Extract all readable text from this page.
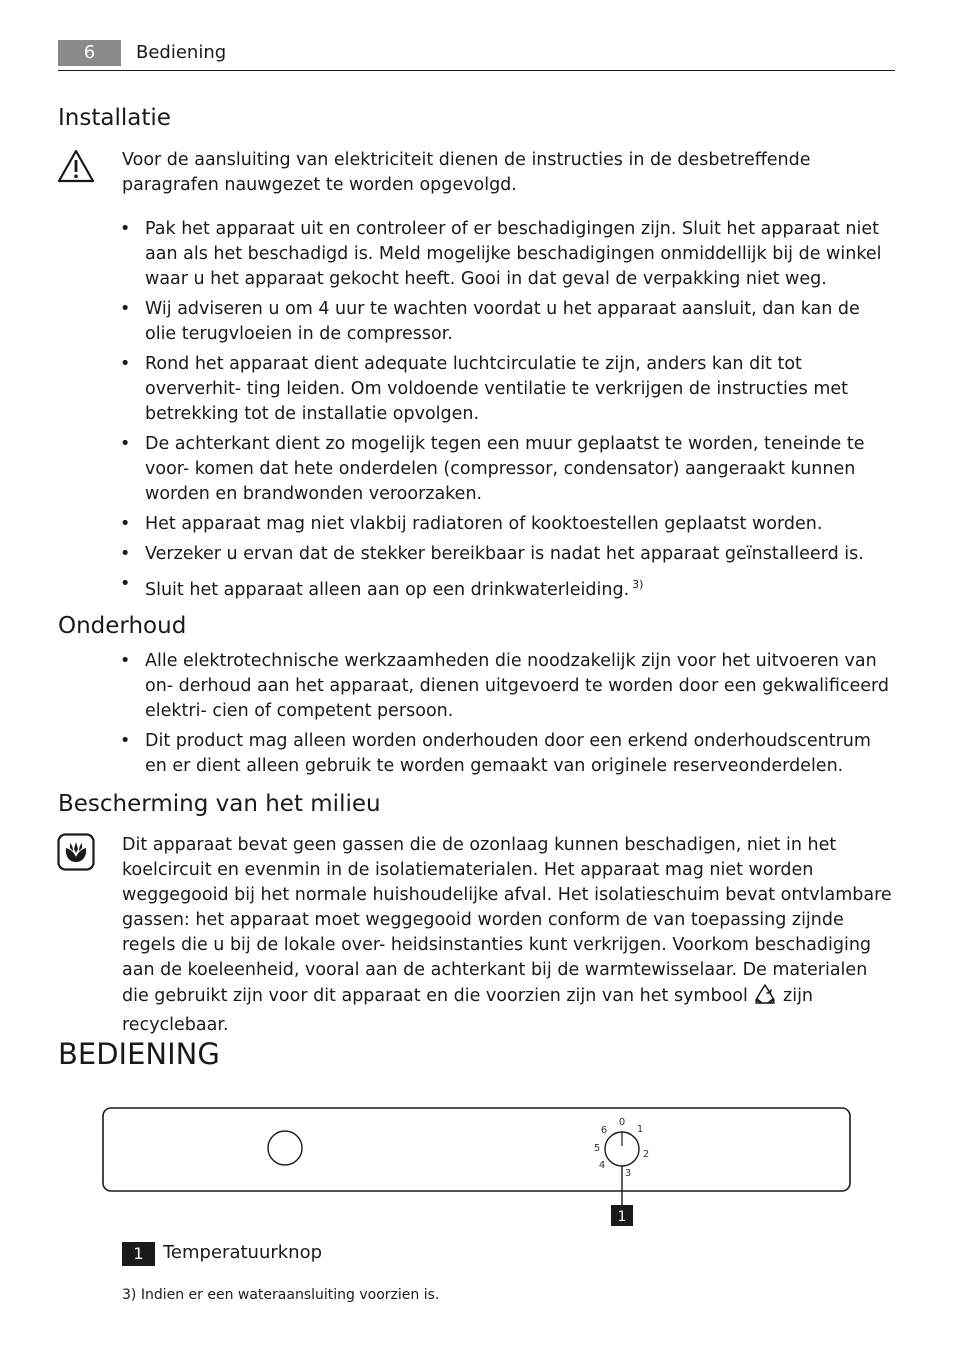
6	Bediening
Installatie

Voor de aansluiting van elektriciteit dienen de instructies in de desbetreffende paragrafen nauwgezet te worden opgevolgd.

• Pak het apparaat uit en controleer of er beschadigingen zijn. Sluit het apparaat niet aan als het beschadigd is. Meld mogelijke beschadigingen onmiddellijk bij de winkel waar u het apparaat gekocht heeft. Gooi in dat geval de verpakking niet weg.
• Wij adviseren u om 4 uur te wachten voordat u het apparaat aansluit, dan kan de olie terugvloeien in de compressor.
• Rond het apparaat dient adequate luchtcirculatie te zijn, anders kan dit tot oververhit- ting leiden. Om voldoende ventilatie te verkrijgen de instructies met betrekking tot de installatie opvolgen.
• De achterkant dient zo mogelijk tegen een muur geplaatst te worden, teneinde te voor- komen dat hete onderdelen (compressor, condensator) aangeraakt kunnen worden en brandwonden veroorzaken.
• Het apparaat mag niet vlakbij radiatoren of kooktoestellen geplaatst worden.
• Verzeker u ervan dat de stekker bereikbaar is nadat het apparaat geïnstalleerd is.
• Sluit het apparaat alleen aan op een drinkwaterleiding. $^{3)}$
Onderhoud
• Alle elektrotechnische werkzaamheden die noodzakelijk zijn voor het uitvoeren van on- derhoud aan het apparaat, dienen uitgevoerd te worden door een gekwalificeerd elektri- cien of competent persoon.
• Dit product mag alleen worden onderhouden door een erkend onderhoudscentrum en er dient alleen gebruik te worden gemaakt van originele reserveonderdelen.
Bescherming van het milieu

Dit apparaat bevat geen gassen die de ozonlaag kunnen beschadigen, niet in het koelcircuit en evenmin in de isolatiematerialen. Het apparaat mag niet worden weggegooid bij het normale huishoudelijke afval. Het isolatieschuim bevat ontvlambare gassen: het apparaat moet weggegooid worden conform de van toepassing zijnde regels die u bij de lokale over- heidsinstanties kunt verkrijgen. Voorkom beschadiging aan de koeleenheid, vooral aan de achterkant bij de warmtewisselaar. De materialen die gebruikt zijn voor dit apparaat en die voorzien zijn van het symbool zijn recyclebaar.

BEDIENING
0
1
2
3
4
5
6
1
1	Temperatuurknop
3) Indien er een wateraansluiting voorzien is.
